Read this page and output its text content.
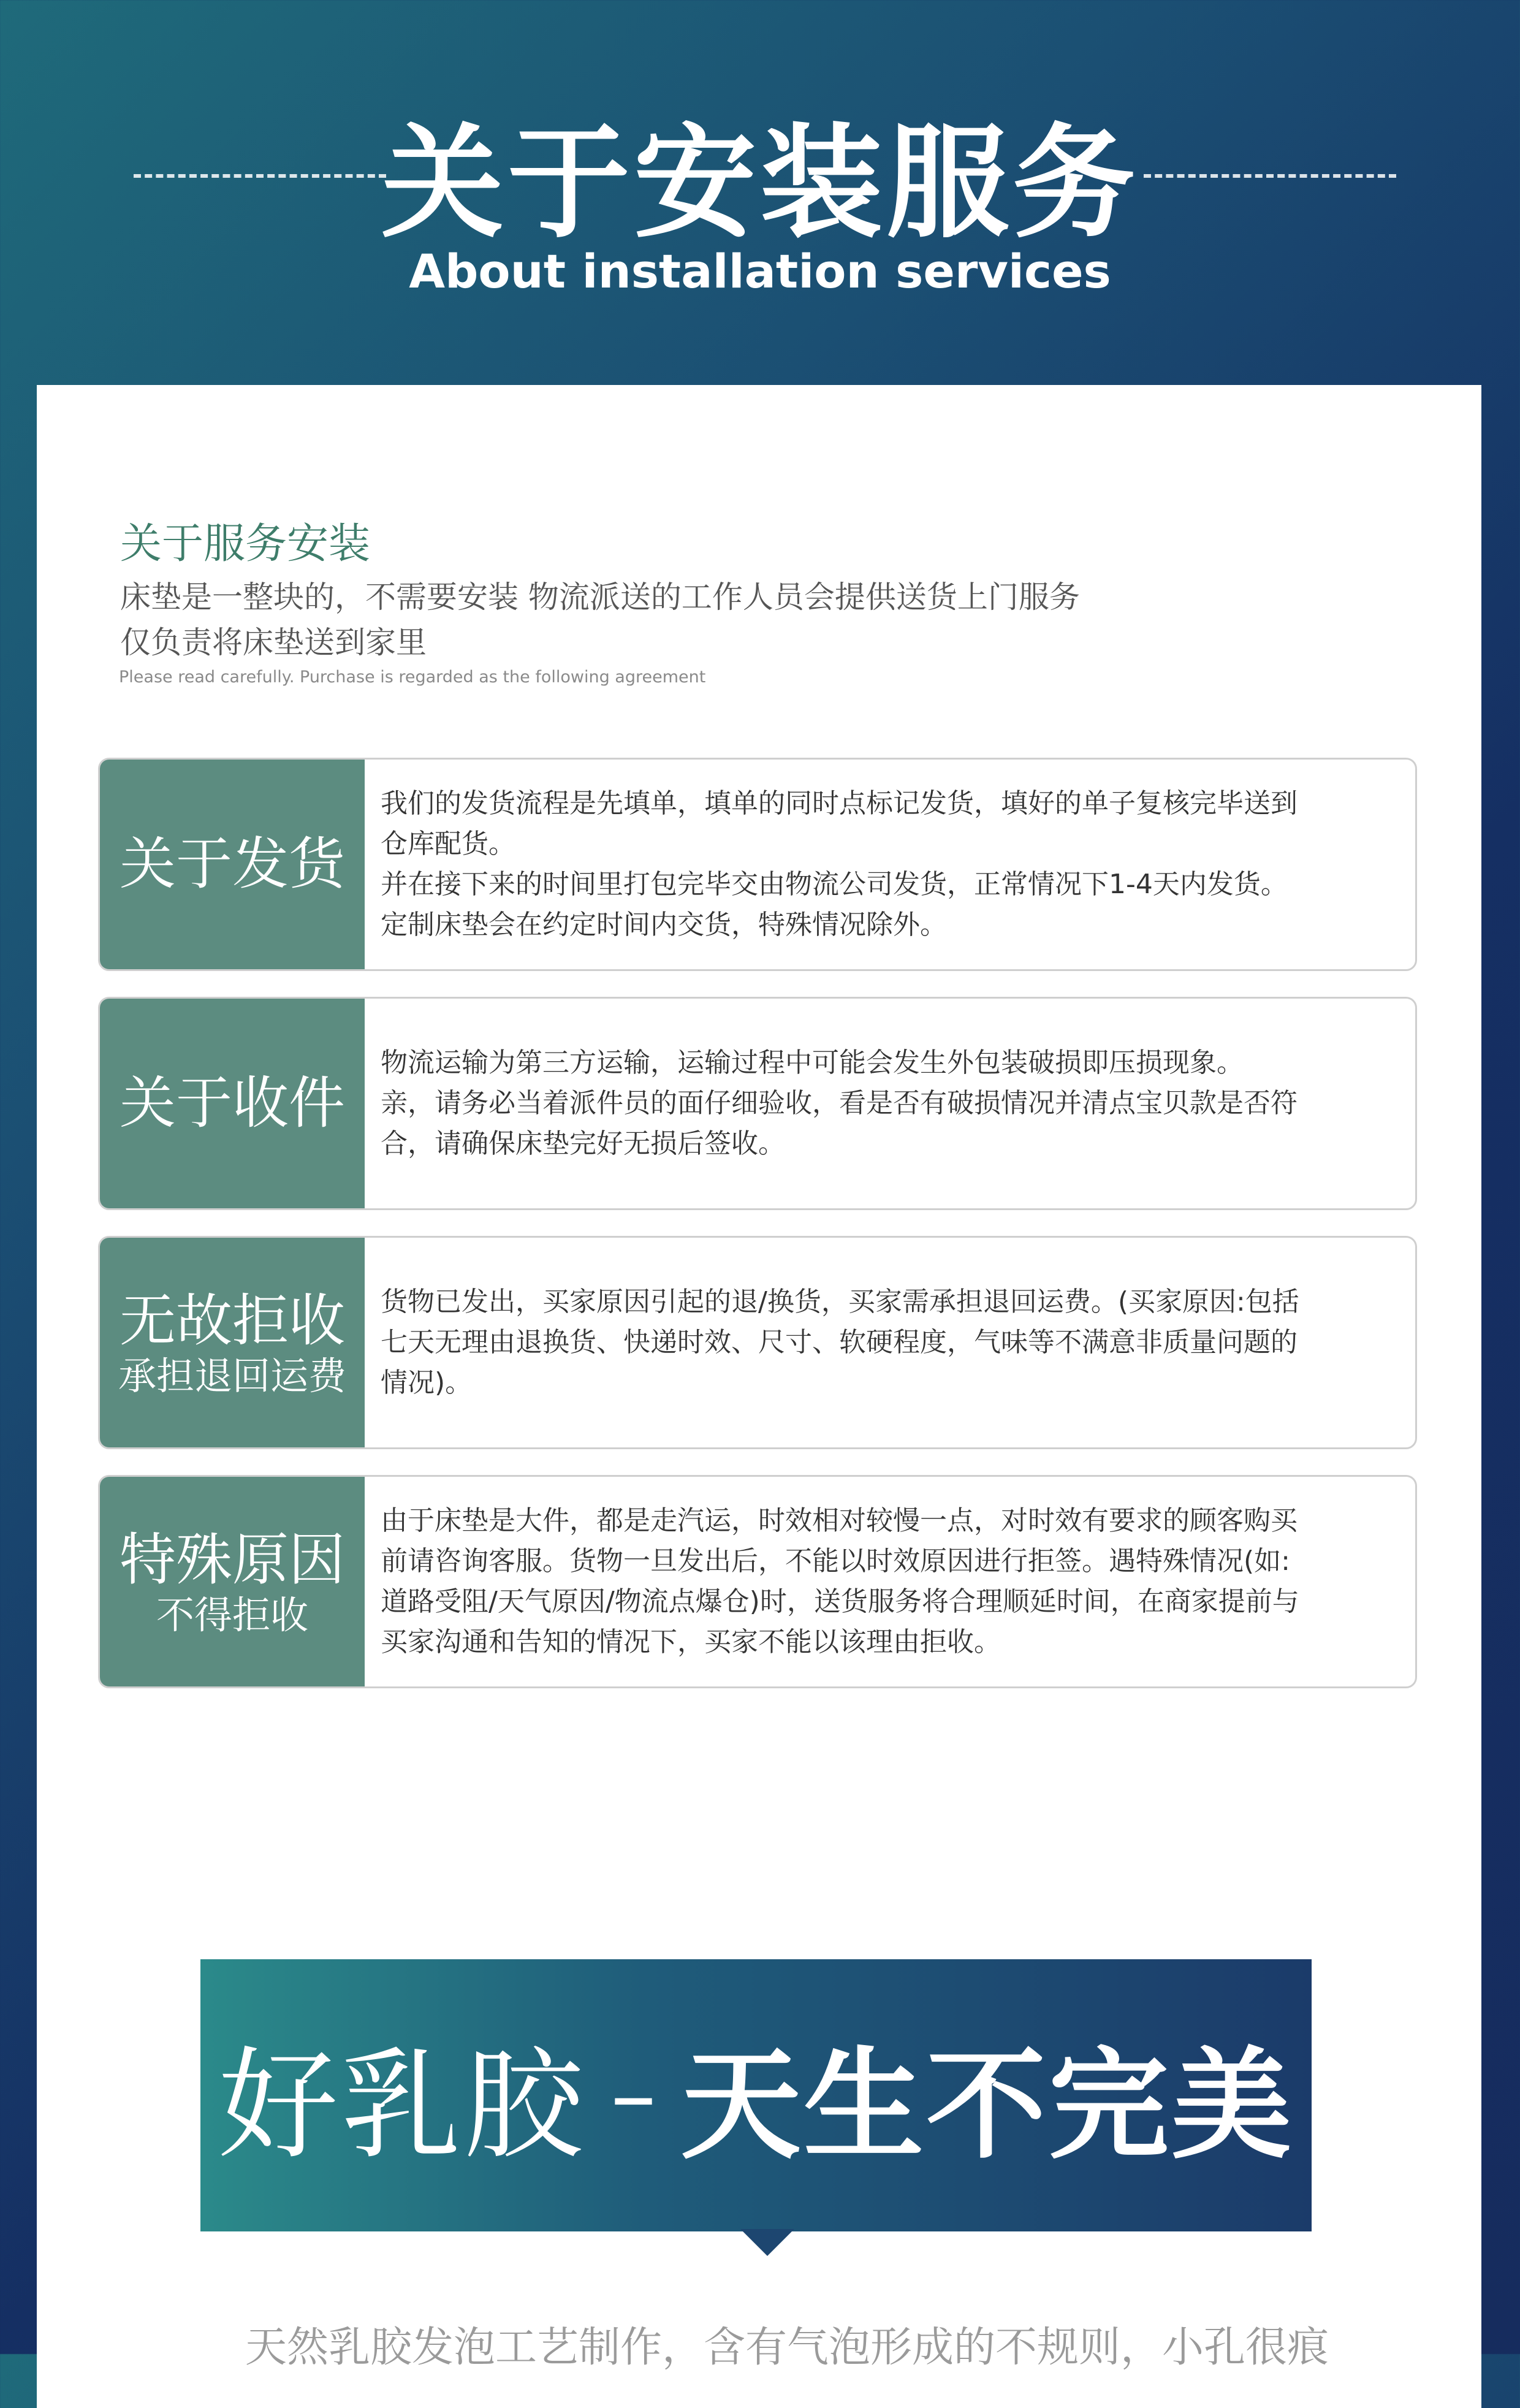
关于安装服务
About installation services
关于服务安装
床垫是一整块的，不需要安装 物流派送的工作人员会提供送货上门服务
仅负责将床垫送到家里
Please read carefully. Purchase is regarded as the following agreement
关于发货

我们的发货流程是先填单，填单的同时点标记发货，填好的单子复核完毕送到

仓库配货。

并在接下来的时间里打包完毕交由物流公司发货，正常情况下1-4天内发货。

定制床垫会在约定时间内交货，特殊情况除外。

关于收件

物流运输为第三方运输，运输过程中可能会发生外包装破损即压损现象。

亲，请务必当着派件员的面仔细验收，看是否有破损情况并清点宝贝款是否符

合，请确保床垫完好无损后签收。

无故拒收
承担退回运费

货物已发出，买家原因引起的退/换货，买家需承担退回运费。(买家原因:包括

七天无理由退换货、快递时效、尺寸、软硬程度，气味等不满意非质量问题的

情况)。

特殊原因
不得拒收

由于床垫是大件，都是走汽运，时效相对较慢一点，对时效有要求的顾客购买

前请咨询客服。货物一旦发出后，不能以时效原因进行拒签。遇特殊情况(如:

道路受阻/天气原因/物流点爆仓)时，送货服务将合理顺延时间，在商家提前与

买家沟通和告知的情况下，买家不能以该理由拒收。

好乳胶 – 天生不完美
天然乳胶发泡工艺制作，含有气泡形成的不规则，小孔很痕
